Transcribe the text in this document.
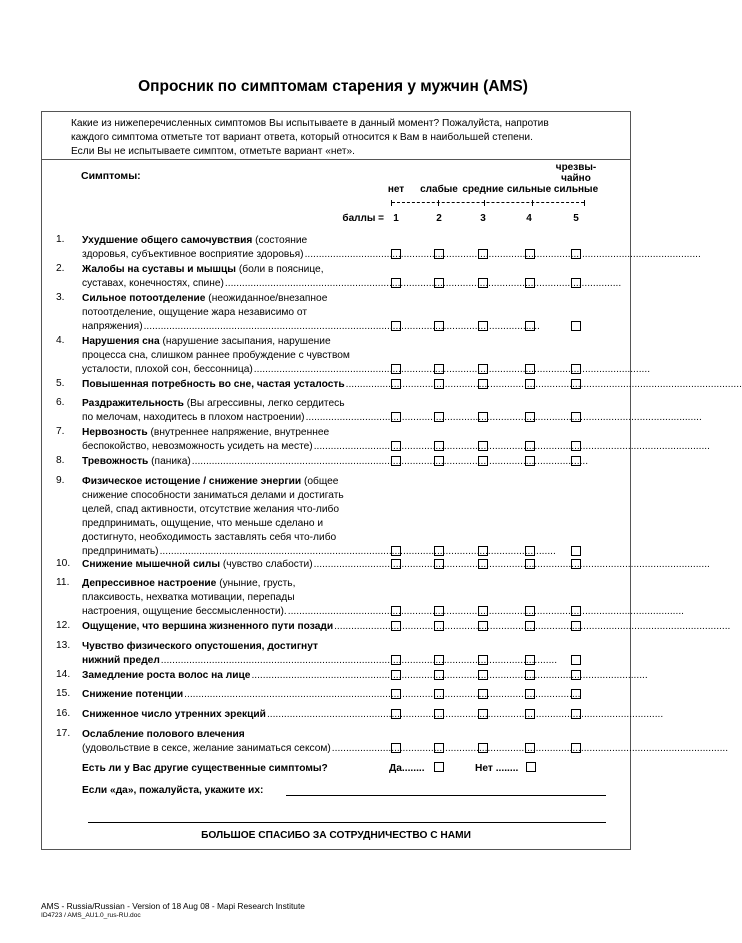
Опросник по симптомам старения у мужчин (AMS)
Какие из нижеперечисленных симптомов Вы испытываете в данный момент? Пожалуйста, напротив
каждого симптома отметьте тот вариант ответа, который относится к Вам в наибольшей степени.
Если Вы не испытываете симптом, отметьте вариант «нет».
Симптомы:

нет
1

слабые
2

средние
3

сильные
4
чрезвы-
чайно
сильные
5
баллы =
1. Ухудшение общего самочувствия (состояние
здоровья, субъективное восприятие здоровья) ............................................................................................................................................
2. Жалобы на суставы и мышцы (боли в пояснице,
суставах, конечностях, спине) ............................................................................................................................................
3. Сильное потоотделение (неожиданное/внезапное
потоотделение, ощущение жара независимо от
напряжения) ............................................................................................................................................
4. Нарушения сна (нарушение засыпания, нарушение
процесса сна, слишком раннее пробуждение с чувством
усталости, плохой сон, бессонница) ............................................................................................................................................
5. Повышенная потребность во сне, частая усталость ............................................................................................................................................
6. Раздражительность (Вы агрессивны, легко сердитесь
по мелочам, находитесь в плохом настроении) ............................................................................................................................................
7. Нервозность (внутреннее напряжение, внутреннее
беспокойство, невозможность усидеть на месте) ............................................................................................................................................
8. Тревожность (паника) ............................................................................................................................................
9. Физическое истощение / снижение энергии (общее
снижение способности заниматься делами и достигать
целей, спад активности, отсутствие желания что-либо
предпринимать, ощущение, что меньше сделано и
достигнуто, необходимость заставлять себя что-либо
предпринимать) ............................................................................................................................................
10. Снижение мышечной силы (чувство слабости) ............................................................................................................................................
11. Депрессивное настроение (уныние, грусть,
плаксивость, нехватка мотивации, перепады
настроения, ощущение бессмысленности). ............................................................................................................................................
12. Ощущение, что вершина жизненного пути позади ............................................................................................................................................
13. Чувство физического опустошения, достигнут
нижний предел ............................................................................................................................................
14. Замедление роста волос на лице ............................................................................................................................................
15. Снижение потенции ............................................................................................................................................
16. Сниженное число утренних эрекций ............................................................................................................................................
17. Ослабление полового влечения
(удовольствие в сексе, желание заниматься сексом) ............................................................................................................................................
Есть ли у Вас другие существенные симптомы?	Да........	Нет ........
Если «да», пожалуйста, укажите их:
БОЛЬШОЕ СПАСИБО ЗА СОТРУДНИЧЕСТВО С НАМИ
AMS - Russia/Russian - Version of 18 Aug 08 - Mapi Research Institute
ID4723 / AMS_AU1.0_rus-RU.doc
